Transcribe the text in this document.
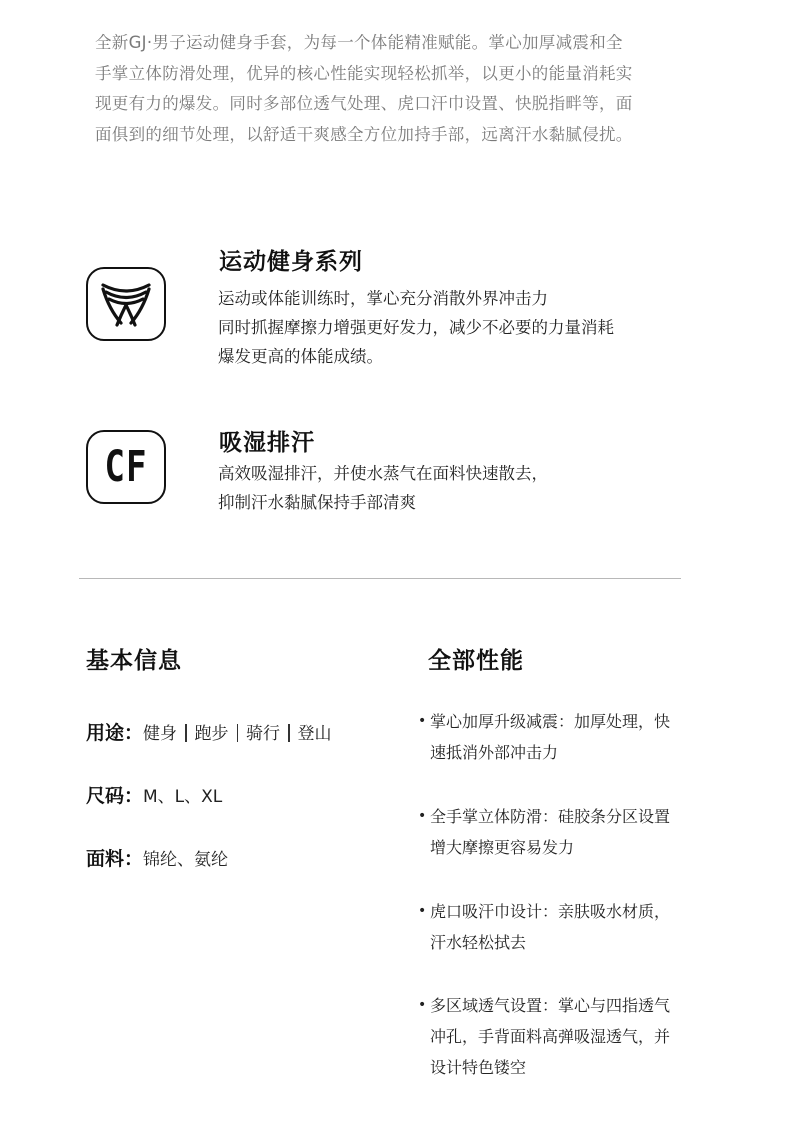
全新GJ·男子运动健身手套，为每一个体能精准赋能。掌心加厚减震和全
手掌立体防滑处理，优异的核心性能实现轻松抓举，以更小的能量消耗实
现更有力的爆发。同时多部位透气处理、虎口汗巾设置、快脱指畔等，面
面俱到的细节处理，以舒适干爽感全方位加持手部，远离汗水黏腻侵扰。

运动健身系列

运动或体能训练时，掌心充分消散外界冲击力
同时抓握摩擦力增强更好发力，减少不必要的力量消耗
爆发更高的体能成绩。

CF	吸湿排汗

高效吸湿排汗，并使水蒸气在面料快速散去，
抑制汗水黏腻保持手部清爽

基本信息
用途：健身 跑步 骑行 登山
尺码：M、L、XL
面料：锦纶、氨纶
全部性能
• 掌心加厚升级减震：加厚处理，快
速抵消外部冲击力
• 全手掌立体防滑：硅胶条分区设置
增大摩擦更容易发力
• 虎口吸汗巾设计：亲肤吸水材质，
汗水轻松拭去
• 多区域透气设置：掌心与四指透气
冲孔，手背面料高弹吸湿透气，并
设计特色镂空
